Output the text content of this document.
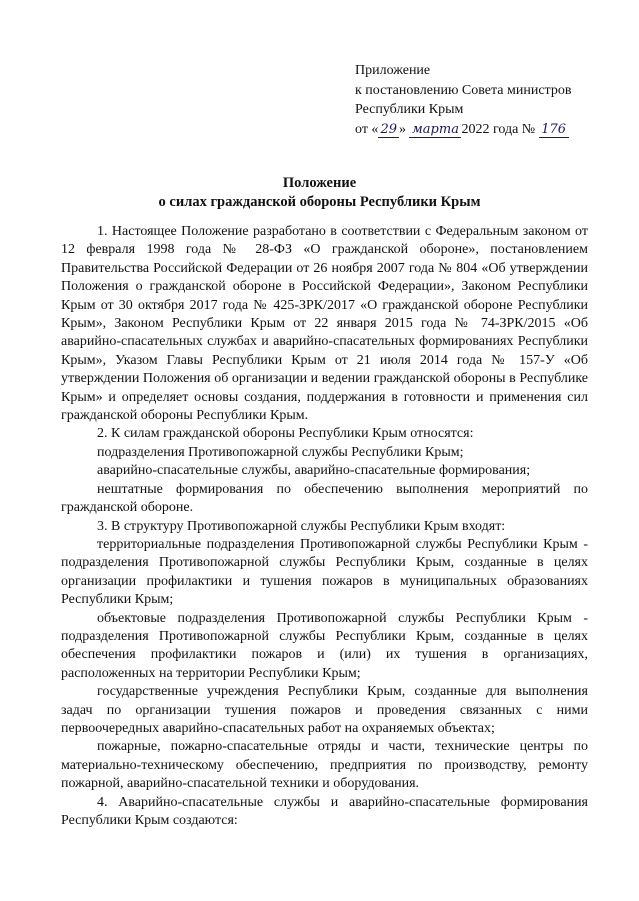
Приложение
к постановлению Совета министров
Республики Крым
от « 29 » марта 2022 года № 176
Положение
о силах гражданской обороны Республики Крым

1. Настоящее Положение разработано в соответствии с Федеральным законом от 12 февраля 1998 года № 28-ФЗ «О гражданской обороне», постановлением Правительства Российской Федерации от 26 ноября 2007 года № 804 «Об утверждении Положения о гражданской обороне в Российской Федерации», Законом Республики Крым от 30 октября 2017 года № 425-ЗРК/2017 «О гражданской обороне Республики Крым», Законом Республики Крым от 22 января 2015 года № 74-ЗРК/2015 «Об аварийно-спасательных службах и аварийно-спасательных формированиях Республики Крым», Указом Главы Республики Крым от 21 июля 2014 года № 157-У «Об утверждении Положения об организации и ведении гражданской обороны в Республике Крым» и определяет основы создания, поддержания в готовности и применения сил гражданской обороны Республики Крым.

2. К силам гражданской обороны Республики Крым относятся:

подразделения Противопожарной службы Республики Крым;

аварийно-спасательные службы, аварийно-спасательные формирования;

нештатные формирования по обеспечению выполнения мероприятий по гражданской обороне.

3. В структуру Противопожарной службы Республики Крым входят:

территориальные подразделения Противопожарной службы Республики Крым - подразделения Противопожарной службы Республики Крым, созданные в целях организации профилактики и тушения пожаров в муниципальных образованиях Республики Крым;

объектовые подразделения Противопожарной службы Республики Крым - подразделения Противопожарной службы Республики Крым, созданные в целях обеспечения профилактики пожаров и (или) их тушения в организациях, расположенных на территории Республики Крым;

государственные учреждения Республики Крым, созданные для выполнения задач по организации тушения пожаров и проведения связанных с ними первоочередных аварийно-спасательных работ на охраняемых объектах;

пожарные, пожарно-спасательные отряды и части, технические центры по материально-техническому обеспечению, предприятия по производству, ремонту пожарной, аварийно-спасательной техники и оборудования.

4. Аварийно-спасательные службы и аварийно-спасательные формирования Республики Крым создаются:
